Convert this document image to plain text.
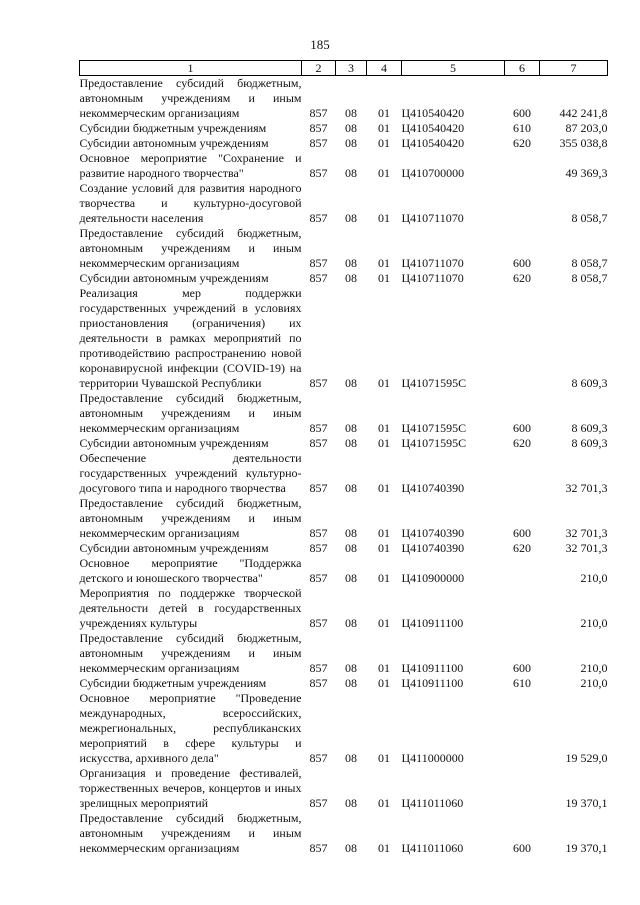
185
1	2	3	4	5	6	7
Предоставление субсидий бюджетным, автономным учреждениям и иным некоммерческим организациям	857	08	01	Ц410540420	600	442 241,8
Субсидии бюджетным учреждениям	857	08	01	Ц410540420	610	87 203,0
Субсидии автономным учреждениям	857	08	01	Ц410540420	620	355 038,8
Основное мероприятие "Сохранение и развитие народного творчества"	857	08	01	Ц410700000		49 369,3
Создание условий для развития народного творчества и культурно-досуговой деятельности населения	857	08	01	Ц410711070		8 058,7
Предоставление субсидий бюджетным, автономным учреждениям и иным некоммерческим организациям	857	08	01	Ц410711070	600	8 058,7
Субсидии автономным учреждениям	857	08	01	Ц410711070	620	8 058,7
Реализация мер поддержки государственных учреждений в условиях приостановления (ограничения) их деятельности в рамках мероприятий по противодействию распространению новой коронавирусной инфекции (COVID-19) на территории Чувашской Республики	857	08	01	Ц41071595С		8 609,3
Предоставление субсидий бюджетным, автономным учреждениям и иным некоммерческим организациям	857	08	01	Ц41071595С	600	8 609,3
Субсидии автономным учреждениям	857	08	01	Ц41071595С	620	8 609,3
Обеспечение деятельности государственных учреждений культурно-досугового типа и народного творчества	857	08	01	Ц410740390		32 701,3
Предоставление субсидий бюджетным, автономным учреждениям и иным некоммерческим организациям	857	08	01	Ц410740390	600	32 701,3
Субсидии автономным учреждениям	857	08	01	Ц410740390	620	32 701,3
Основное мероприятие "Поддержка детского и юношеского творчества"	857	08	01	Ц410900000		210,0
Мероприятия по поддержке творческой деятельности детей в государственных учреждениях культуры	857	08	01	Ц410911100		210,0
Предоставление субсидий бюджетным, автономным учреждениям и иным некоммерческим организациям	857	08	01	Ц410911100	600	210,0
Субсидии бюджетным учреждениям	857	08	01	Ц410911100	610	210,0
Основное мероприятие "Проведение международных, всероссийских, межрегиональных, республиканских мероприятий в сфере культуры и искусства, архивного дела"	857	08	01	Ц411000000		19 529,0
Организация и проведение фестивалей, торжественных вечеров, концертов и иных зрелищных мероприятий	857	08	01	Ц411011060		19 370,1
Предоставление субсидий бюджетным, автономным учреждениям и иным некоммерческим организациям	857	08	01	Ц411011060	600	19 370,1
